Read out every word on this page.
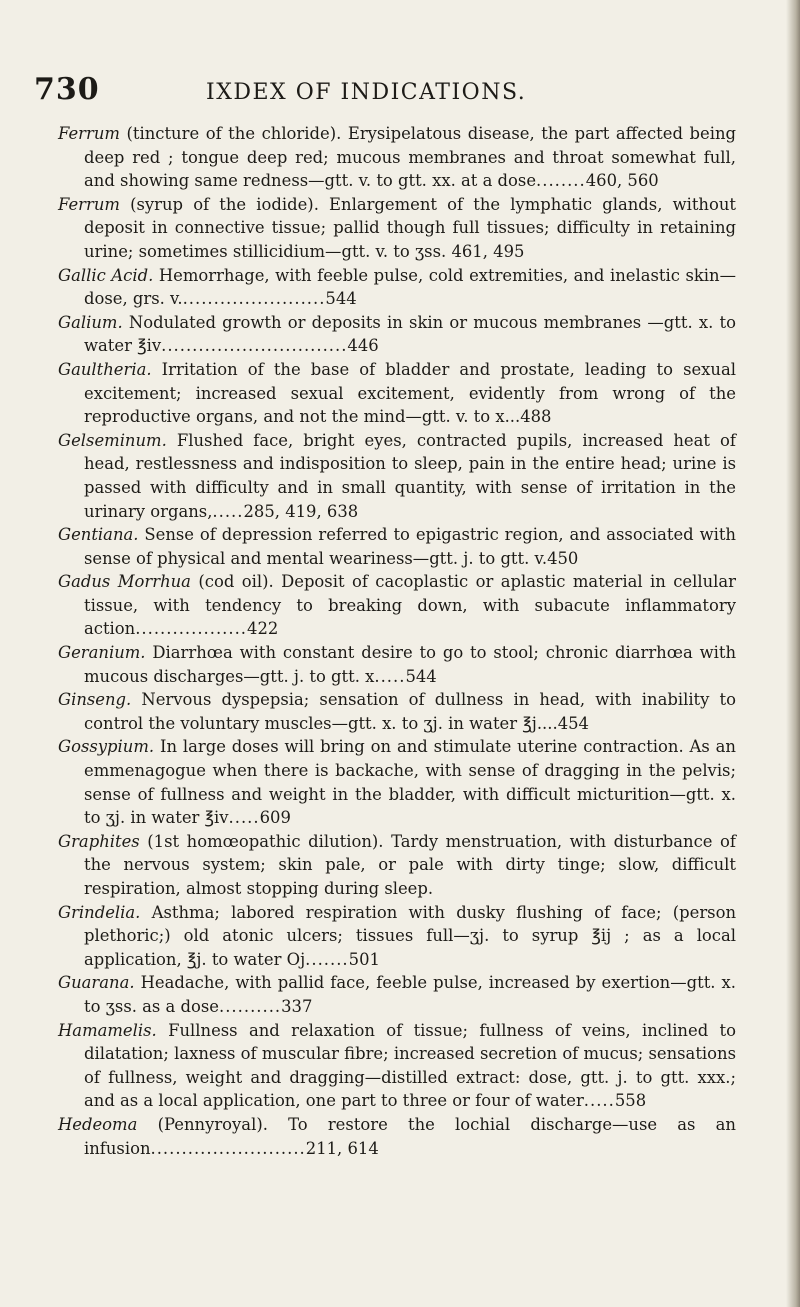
730	IXDEX OF INDICATIONS.

Ferrum (tincture of the chloride). Erysipelatous disease, the part affected being deep red ; tongue deep red; mucous membranes and throat somewhat full, and showing same redness—gtt. v. to gtt. xx. at a dose........460, 560

Ferrum (syrup of the iodide). Enlargement of the lymphatic glands, without deposit in connective tissue; pallid though full tissues; difficulty in retaining urine; sometimes stillicidium—gtt. v. to ʒss. 461, 495

Gallic Acid. Hemorrhage, with feeble pulse, cold extremities, and inelastic skin—dose, grs. v........................544

Galium. Nodulated growth or deposits in skin or mucous membranes —gtt. x. to water ℥iv..............................446

Gaultheria. Irritation of the base of bladder and prostate, leading to sexual excitement; increased sexual excitement, evidently from wrong of the reproductive organs, and not the mind—gtt. v. to x...488

Gelseminum. Flushed face, bright eyes, contracted pupils, increased heat of head, restlessness and indisposition to sleep, pain in the entire head; urine is passed with difficulty and in small quantity, with sense of irritation in the urinary organs,.....285, 419, 638

Gentiana. Sense of depression referred to epigastric region, and associated with sense of physical and mental weariness—gtt. j. to gtt. v.450

Gadus Morrhua (cod oil). Deposit of cacoplastic or aplastic material in cellular tissue, with tendency to breaking down, with subacute inflammatory action..................422

Geranium. Diarrhœa with constant desire to go to stool; chronic diarrhœa with mucous discharges—gtt. j. to gtt. x.....544

Ginseng. Nervous dyspepsia; sensation of dullness in head, with inability to control the voluntary muscles—gtt. x. to ʒj. in water ℥j....454

Gossypium. In large doses will bring on and stimulate uterine contraction. As an emmenagogue when there is backache, with sense of dragging in the pelvis; sense of fullness and weight in the bladder, with difficult micturition—gtt. x. to ʒj. in water ℥iv.....609

Graphites (1st homœopathic dilution). Tardy menstruation, with disturbance of the nervous system; skin pale, or pale with dirty tinge; slow, difficult respiration, almost stopping during sleep.

Grindelia. Asthma; labored respiration with dusky flushing of face; (person plethoric;) old atonic ulcers; tissues full—ʒj. to syrup ℥ij ; as a local application, ℥j. to water Oj.......501

Guarana. Headache, with pallid face, feeble pulse, increased by exertion—gtt. x. to ʒss. as a dose..........337

Hamamelis. Fullness and relaxation of tissue; fullness of veins, inclined to dilatation; laxness of muscular fibre; increased secretion of mucus; sensations of fullness, weight and dragging—distilled extract: dose, gtt. j. to gtt. xxx.; and as a local application, one part to three or four of water.....558

Hedeoma (Pennyroyal). To restore the lochial discharge—use as an infusion.........................211, 614
